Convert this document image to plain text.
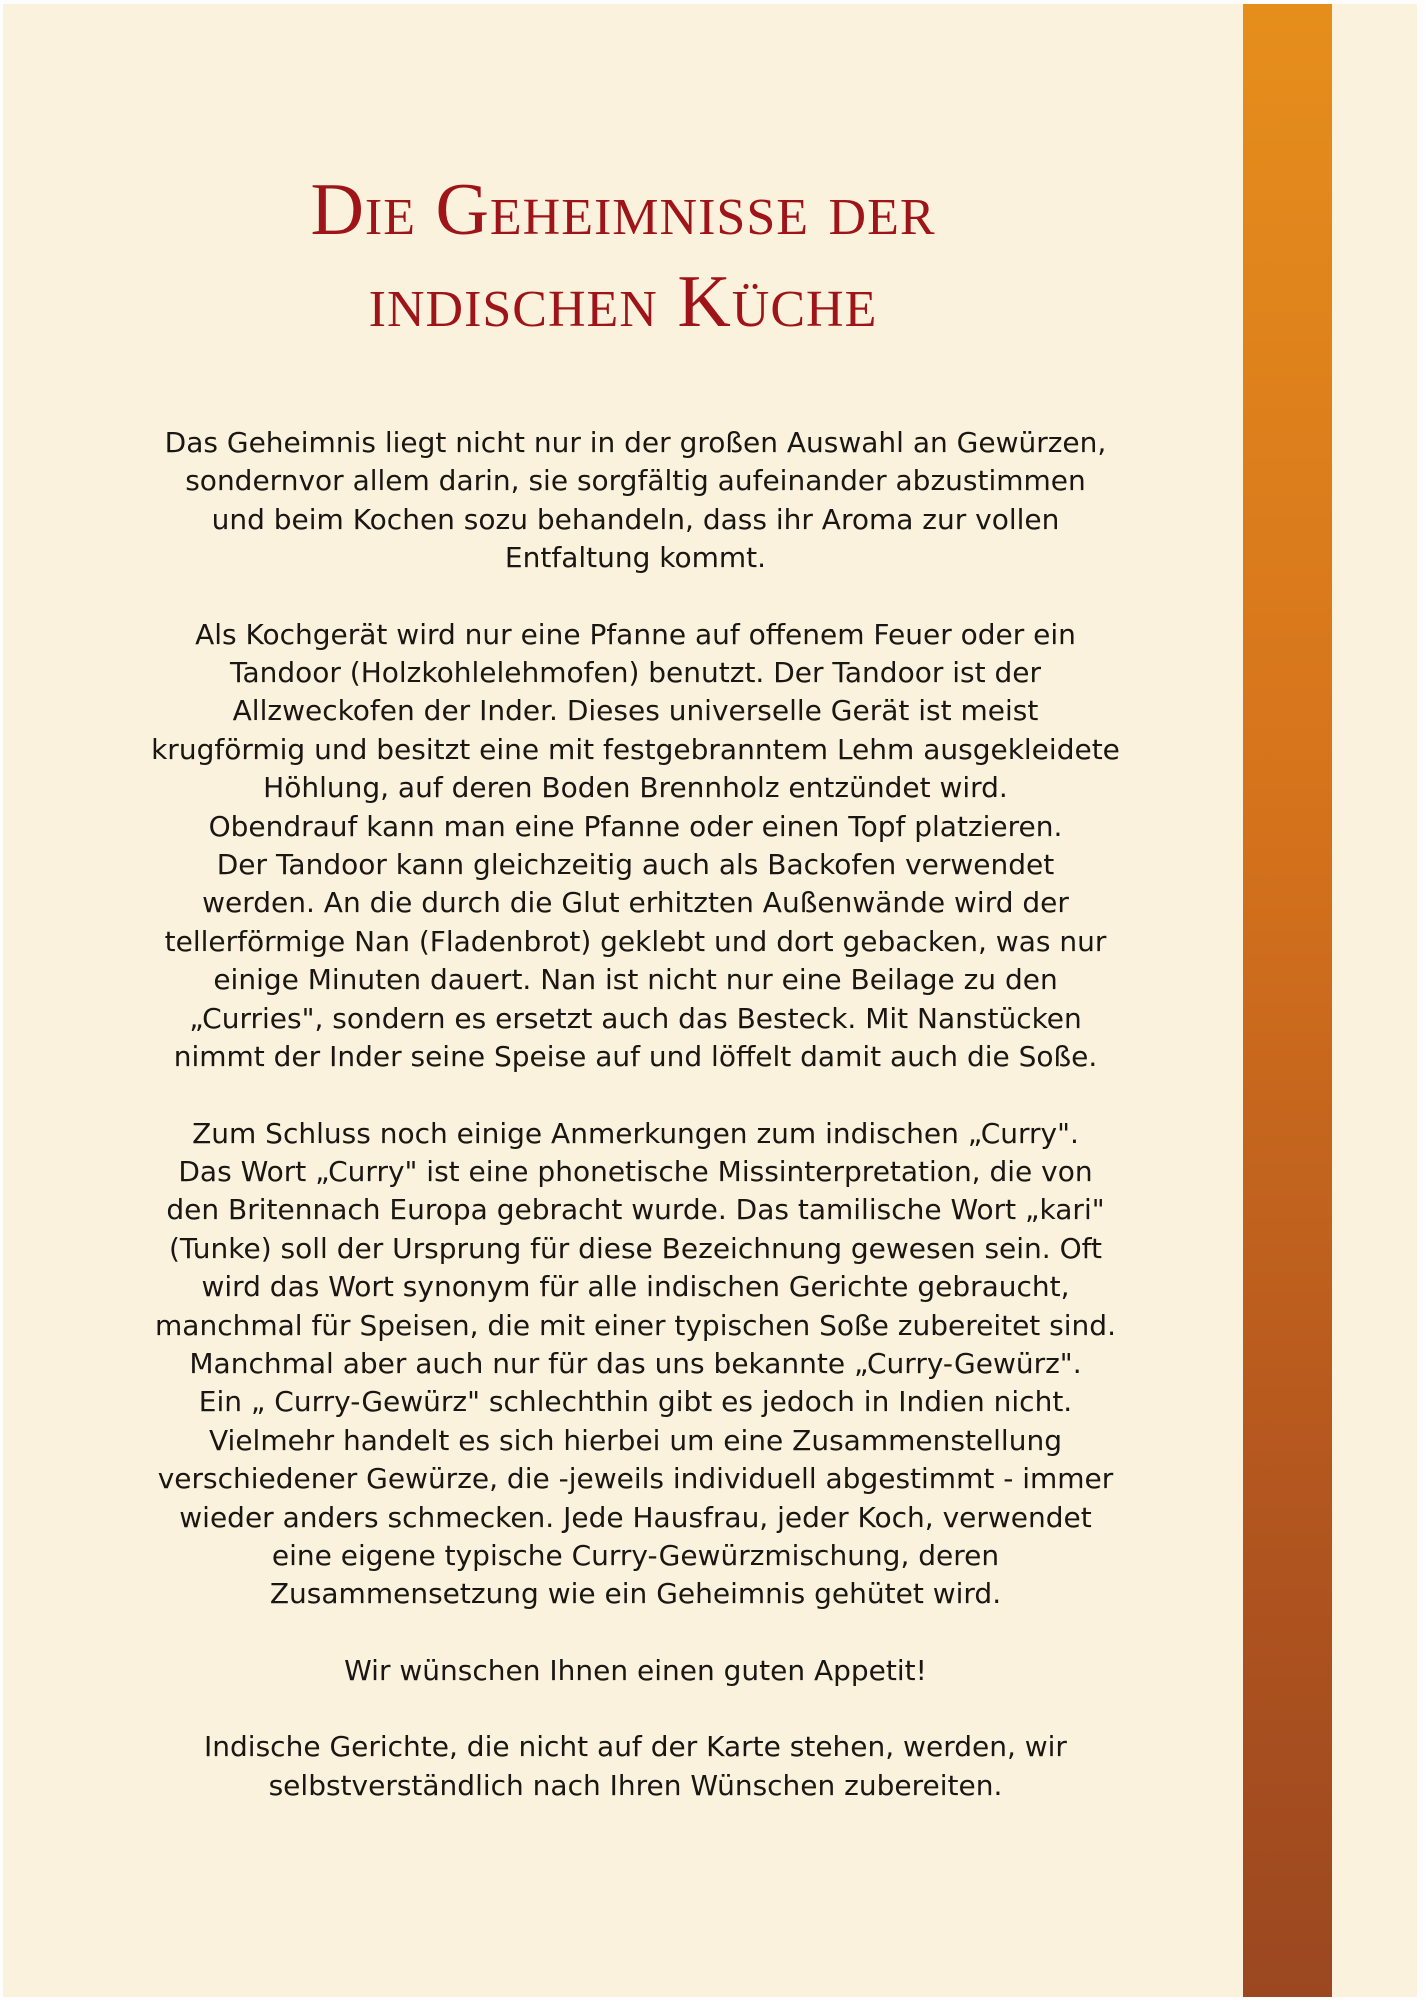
Die Geheimnisse der
indischen Küche

Das Geheimnis liegt nicht nur in der großen Auswahl an Gewürzen,
sondernvor allem darin, sie sorgfältig aufeinander abzustimmen
und beim Kochen sozu behandeln, dass ihr Aroma zur vollen
Entfaltung kommt.

Als Kochgerät wird nur eine Pfanne auf offenem Feuer oder ein
Tandoor (Holzkohlelehmofen) benutzt. Der Tandoor ist der
Allzweckofen der Inder. Dieses universelle Gerät ist meist
krugförmig und besitzt eine mit festgebranntem Lehm ausgekleidete
Höhlung, auf deren Boden Brennholz entzündet wird.
Obendrauf kann man eine Pfanne oder einen Topf platzieren.
Der Tandoor kann gleichzeitig auch als Backofen verwendet
werden. An die durch die Glut erhitzten Außenwände wird der
tellerförmige Nan (Fladenbrot) geklebt und dort gebacken, was nur
einige Minuten dauert. Nan ist nicht nur eine Beilage zu den
„Curries", sondern es ersetzt auch das Besteck. Mit Nanstücken
nimmt der Inder seine Speise auf und löffelt damit auch die Soße.

Zum Schluss noch einige Anmerkungen zum indischen „Curry".
Das Wort „Curry" ist eine phonetische Missinterpretation, die von
den Britennach Europa gebracht wurde. Das tamilische Wort „kari"
(Tunke) soll der Ursprung für diese Bezeichnung gewesen sein. Oft
wird das Wort synonym für alle indischen Gerichte gebraucht,
manchmal für Speisen, die mit einer typischen Soße zubereitet sind.
Manchmal aber auch nur für das uns bekannte „Curry-Gewürz".
Ein „ Curry-Gewürz" schlechthin gibt es jedoch in Indien nicht.
Vielmehr handelt es sich hierbei um eine Zusammenstellung
verschiedener Gewürze, die -jeweils individuell abgestimmt - immer
wieder anders schmecken. Jede Hausfrau, jeder Koch, verwendet
eine eigene typische Curry-Gewürzmischung, deren
Zusammensetzung wie ein Geheimnis gehütet wird.

Wir wünschen Ihnen einen guten Appetit!

Indische Gerichte, die nicht auf der Karte stehen, werden, wir
selbstverständlich nach Ihren Wünschen zubereiten.
